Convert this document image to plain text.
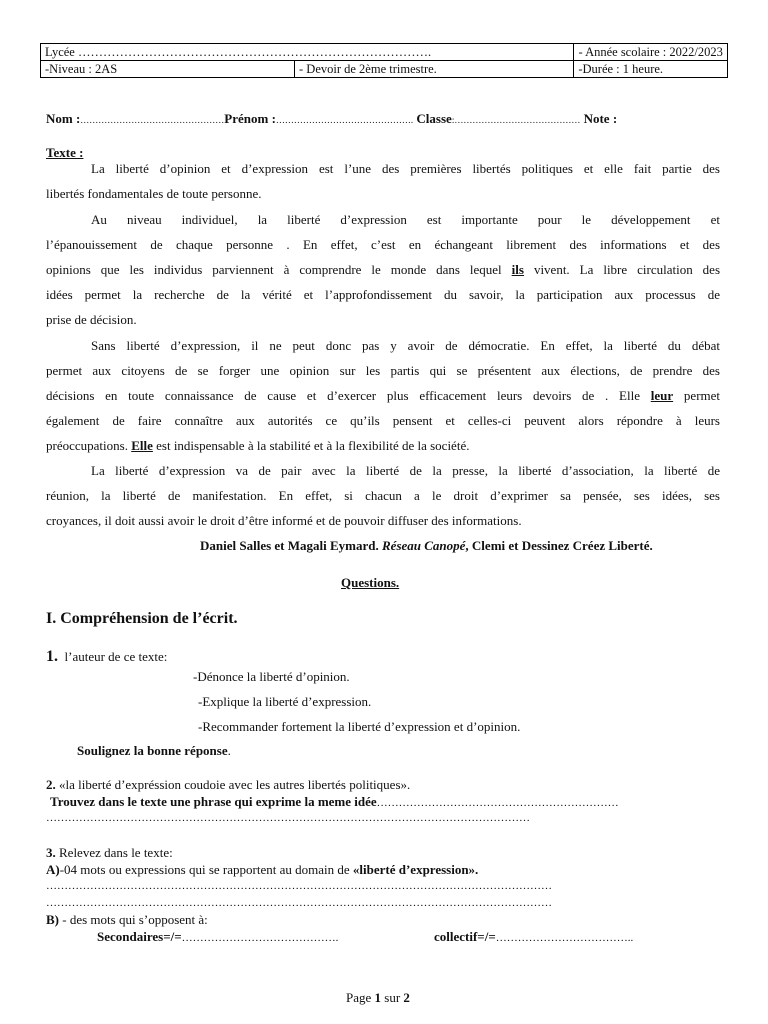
Lycée ………………………………………………………………………….		- Année scolaire : 2022/2023
-Niveau : 2AS	- Devoir de 2ème trimestre.	-Durée : 1 heure.
Nom :…………………………………………Prénom :………………………………………. Classe:…………………………………… Note :
Texte :
La liberté d’opinion et d’expression est l’une des premières libertés politiques et elle fait partie des
libertés fondamentales de toute personne.
Au niveau individuel, la liberté d’expression est importante pour le développement et
l’épanouissement de chaque personne . En effet, c’est en échangeant librement des informations et des
opinions que les individus parviennent à comprendre le monde dans lequel ils vivent. La libre circulation des
idées permet la recherche de la vérité et l’approfondissement du savoir, la participation aux processus de
prise de décision.
Sans liberté d’expression, il ne peut donc pas y avoir de démocratie. En effet, la liberté du débat
permet aux citoyens de se forger une opinion sur les partis qui se présentent aux élections, de prendre des
décisions en toute connaissance de cause et d’exercer plus efficacement leurs devoirs de . Elle leur permet
également de faire connaître aux autorités ce qu’ils pensent et celles-ci peuvent alors répondre à leurs
préoccupations. Elle est indispensable à la stabilité et à la flexibilité de la société.
La liberté d’expression va de pair avec la liberté de la presse, la liberté d’association, la liberté de
réunion, la liberté de manifestation. En effet, si chacun a le droit d’exprimer sa pensée, ses idées, ses
croyances, il doit aussi avoir le droit d’être informé et de pouvoir diffuser des informations.
Daniel Salles et Magali Eymard. Réseau Canopé, Clemi et Dessinez Créez Liberté.
Questions.
I. Compréhension de l’écrit.
1. l’auteur de ce texte:
-Dénonce la liberté d’opinion.
-Explique la liberté d’expression.
-Recommander fortement la liberté d’expression et d’opinion.
Soulignez la bonne réponse.
2. «la liberté d’expréssion coudoie avec les autres libertés politiques».
Trouvez dans le texte une phrase qui exprime la meme idée…………………………………………………………
……………………………………………………………………………………………………………………
3. Relevez dans le texte:
A)-04 mots ou expressions qui se rapportent au domain de «liberté d’expression».
…………………………………………………………………………………………………………………………
…………………………………………………………………………………………………………………………
B) - des mots qui s’opposent à:
Secondaires=/=…………………………………….	collectif=/=………………………………..
Page 1 sur 2
